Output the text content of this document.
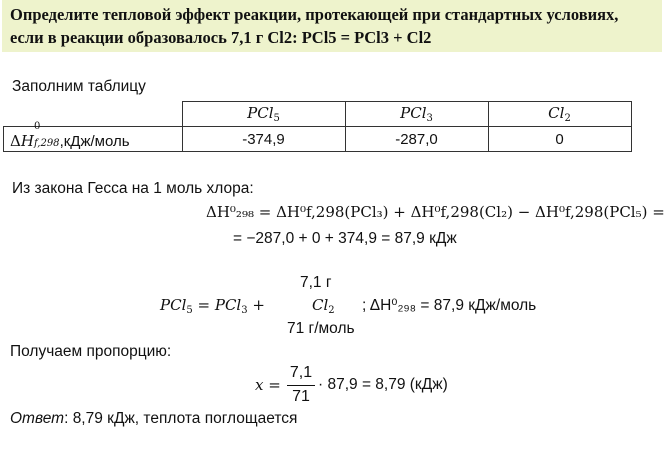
Определите тепловой эффект реакции, протекающей при стандартных условиях, если в реакции образовалось 7,1 г Cl2: PCl5 = PCl3 + Cl2
Заполним таблицу
	PCl$_5$	PCl$_3$	$Cl_2$
ΔH
0
f,298,кДж/моль	-374,9	-287,0	0
Из закона Гесса на 1 моль хлора:
ΔH⁰₂₉₈ = ΔH⁰f,298(PCl₃) + ΔH⁰f,298(Cl₂) − ΔH⁰f,298(PCl₅) =
= −287,0 + 0 + 374,9 = 87,9 кДж
PCl$_5$ = PCl$_3$ +
7,1 г
$Cl_2$
71 г/моль
; ΔH⁰₂₉₈ = 87,9 кДж/моль
Получаем пропорцию:
x =
7,1
71
· 87,9 = 8,79 (кДж)
Ответ: 8,79 кДж, теплота поглощается
